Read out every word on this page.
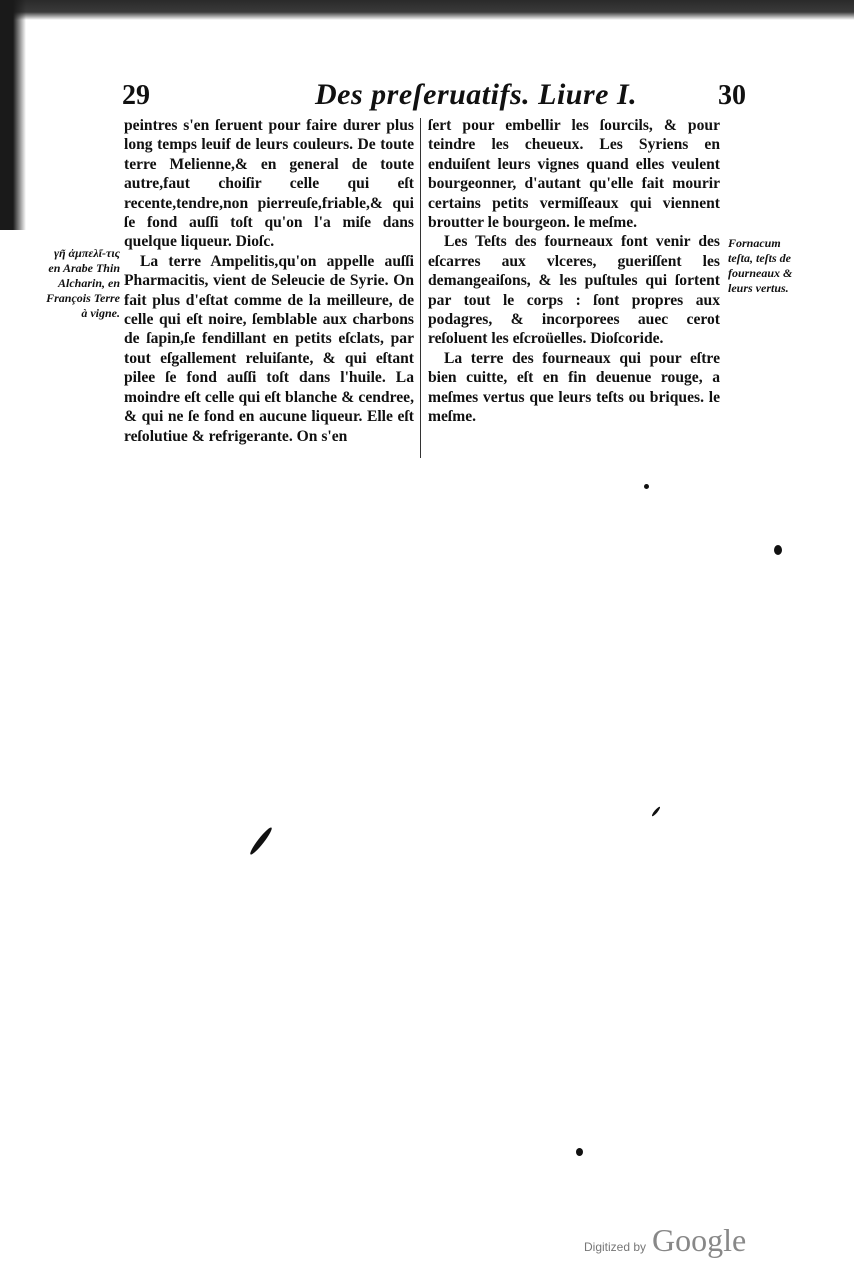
29	Des preſeruatifs. Liure I.	30

peintres s'en ſeruent pour faire durer plus long temps leuif de leurs couleurs. De toute terre Melienne,& en general de toute autre,faut choiſir celle qui eſt recente,tendre,non pierreuſe,friable,& qui ſe fond auſſi toſt qu'on l'a miſe dans quelque liqueur. Dioſc.

La terre Ampelitis,qu'on appelle auſſi Pharmacitis, vient de Seleucie de Syrie. On fait plus d'eſtat comme de la meilleure, de celle qui eſt noire, ſemblable aux charbons de ſapin,ſe fendillant en petits eſclats, par tout eſgallement reluiſante, & qui eſtant pilee ſe fond auſſi toſt dans l'huile. La moindre eſt celle qui eſt blanche & cendree, & qui ne ſe fond en aucune liqueur. Elle eſt reſolutiue & refrigerante. On s'en

ſert pour embellir les ſourcils, & pour teindre les cheueux. Les Syriens en enduiſent leurs vignes quand elles veulent bourgeonner, d'autant qu'elle fait mourir certains petits vermiſſeaux qui viennent broutter le bourgeon. le meſme.

Les Teſts des fourneaux font venir des eſcarres aux vlceres, gueriſſent les demangeaiſons, & les puſtules qui ſortent par tout le corps : ſont propres aux podagres, & incorporees auec cerot reſoluent les eſcroüelles. Dioſcoride.

La terre des fourneaux qui pour eſtre bien cuitte, eſt en fin deuenue rouge, a meſmes vertus que leurs teſts ou briques. le meſme.

γῆ ἀμπελῖ-τις en Arabe Thin Alcharin, en François Terre à vigne.
Fornacum teſta, teſts de fourneaux & leurs vertus.
Digitized by Google
